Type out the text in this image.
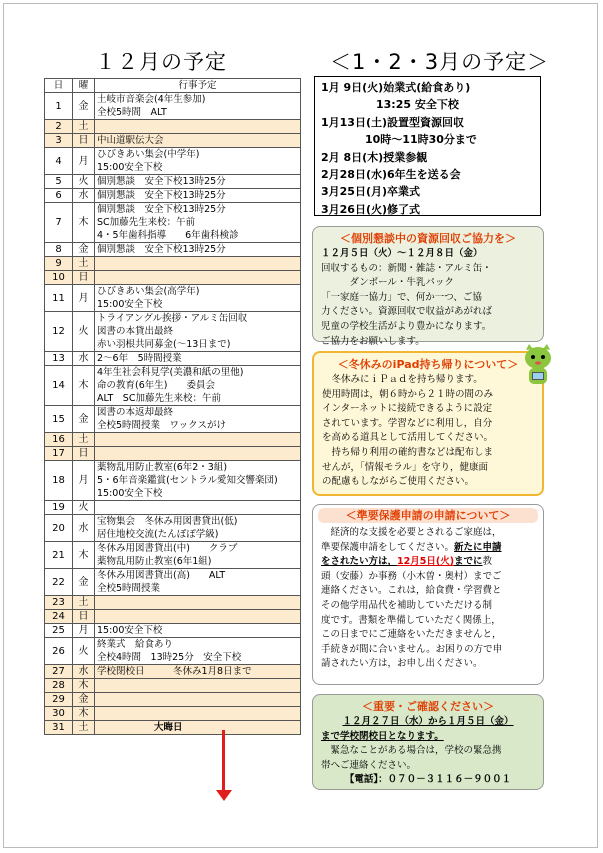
１２月の予定	＜1・2・3月の予定＞
日	曜	行事予定
1	金	土岐市音楽会(4年生参加)
全校5時間　ALT

2	土	

3	日	中山道駅伝大会

4	月	ひびきあい集会(中学年)
15:00安全下校

5	火	個別懇談　安全下校13時25分

6	水	個別懇談　安全下校13時25分

7	木	個別懇談　安全下校13時25分
SC加藤先生来校：午前
4・5年歯科指導　　6年歯科検診

8	金	個別懇談　安全下校13時25分

9	土	

10	日	

11	月	ひびきあい集会(高学年)
15:00安全下校

12	火	トライアングル挨拶・アルミ缶回収
図書の本貸出最終
赤い羽根共同募金(～13日まで)

13	水	2～6年　5時間授業

14	木	4年生社会科見学(美濃和紙の里他)
命の教育(6年生)　　委員会
ALT　SC加藤先生来校：午前

15	金	図書の本返却最終
全校5時間授業　ワックスがけ

16	土	

17	日	

18	月	薬物乱用防止教室(6年2・3組)
5・6年音楽鑑賞(セントラル愛知交響楽団)
15:00安全下校

19	火	

20	水	宝物集会　冬休み用図書貸出(低)
居住地校交流(たんぽぽ学級)

21	木	冬休み用図書貸出(中)　　クラブ
薬物乱用防止教室(6年1組)

22	金	冬休み用図書貸出(高)　　ALT
全校5時間授業

23	土	

24	日	

25	月	15:00安全下校

26	火	終業式　給食あり
全校4時間　13時25分　安全下校

27	水	学校閉校日　　　冬休み1月8日まで

28	木	

29	金	

30	木	

31	土	　　　　　　大晦日
1月 9日(火)始業式(給食あり)
　　　　　13:25 安全下校
1月13日(土)設置型資源回収
　　　　10時～11時30分まで
2月 8日(木)授業参観
2月28日(水)6年生を送る会
3月25日(月)卒業式
3月26日(火)修了式
＜個別懇談中の資源回収ご協力を＞
１２月５日（火）～１２月８日（金）
回収するもの：新聞・雑誌・アルミ缶・
　　　ダンボール・牛乳パック
「一家庭一協力」で、何か一つ、ご協
力ください。資源回収で収益があがれば
児童の学校生活がより豊かになります。
ご協力をお願いします。
＜冬休みのiPad持ち帰りについて＞
冬休みにｉＰａｄを持ち帰ります。
使用時間は，朝６時から２１時の間のみ
インターネットに接続できるように設定
されています。学習などに利用し，自分
を高める道具として活用してください。
持ち帰り利用の確約書などは配布しま
せんが，「情報モラル」を守り，健康面
の配慮もしながらご使用ください。
＜準要保護申請の申請について＞
経済的な支援を必要とされるご家庭は，
準要保護申請をしてください。新たに申請
をされたい方は，12月5日(火)までに教
頭（安藤）か事務（小木曽・奥村）までご
連絡ください。これは，給食費・学習費と
その他学用品代を補助していただける制
度です。書類を準備していただく関係上，
この日までにご連絡をいただきませんと，
手続きが間に合いません。お困りの方で申
請されたい方は，お申し出ください。
＜重要・ご確認ください＞
１２月２７日（水）から１月５日（金）
まで学校閉校日となります。
緊急なことがある場合は，学校の緊急携
帯へご連絡ください。
【電話】：０７０－３１１６－９００１
